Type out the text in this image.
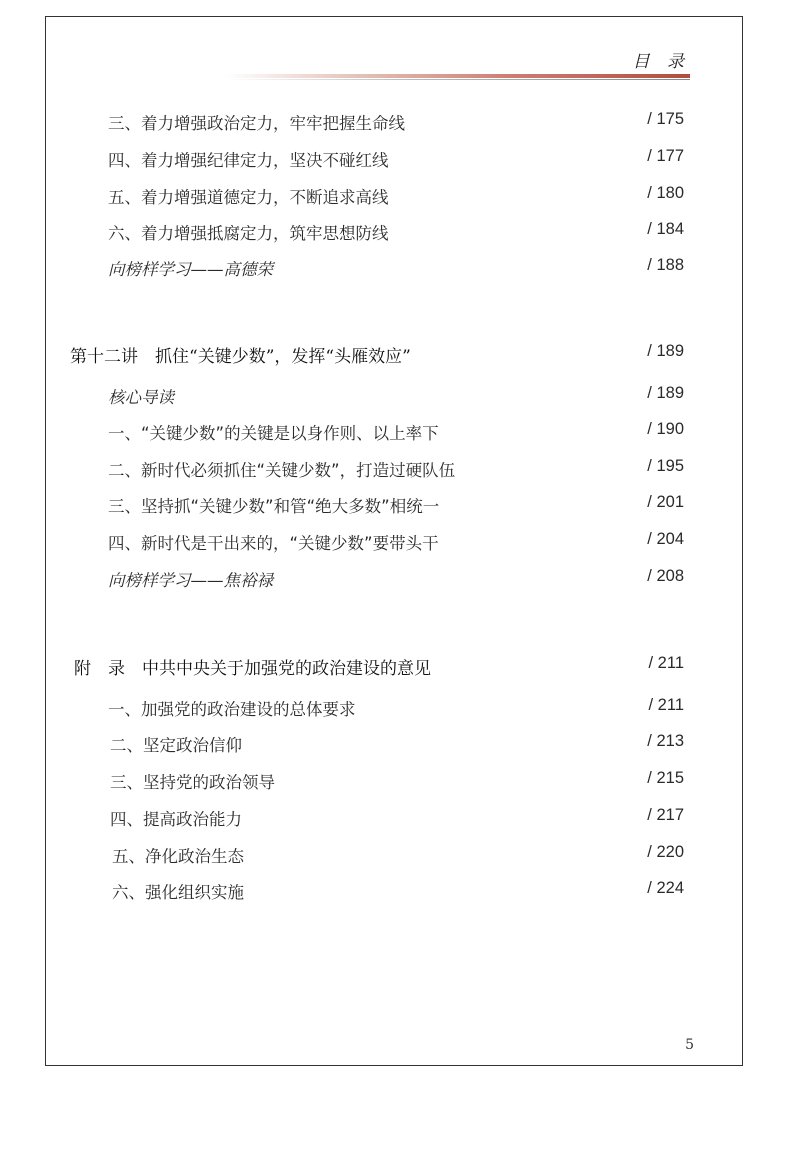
目 录
三、着力增强政治定力，牢牢把握生命线	/ 175
四、着力增强纪律定力，坚决不碰红线	/ 177
五、着力增强道德定力，不断追求高线	/ 180
六、着力增强抵腐定力，筑牢思想防线	/ 184
向榜样学习——高德荣	/ 188
第十二讲　抓住“关键少数”，发挥“头雁效应”	/ 189
核心导读	/ 189
一、“关键少数”的关键是以身作则、以上率下	/ 190
二、新时代必须抓住“关键少数”，打造过硬队伍	/ 195
三、坚持抓“关键少数”和管“绝大多数”相统一	/ 201
四、新时代是干出来的，“关键少数”要带头干	/ 204
向榜样学习——焦裕禄	/ 208
附　录　中共中央关于加强党的政治建设的意见	/ 211
一、加强党的政治建设的总体要求	/ 211
二、坚定政治信仰	/ 213
三、坚持党的政治领导	/ 215
四、提高政治能力	/ 217
五、净化政治生态	/ 220
六、强化组织实施	/ 224
5
